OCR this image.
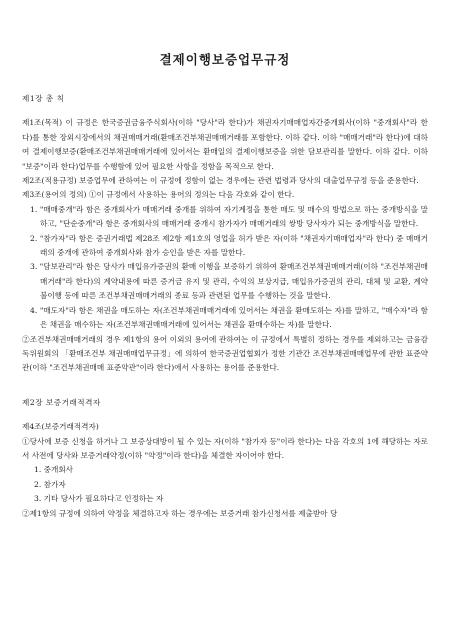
결제이행보증업무규정
제1장 총 칙

제1조(목적) 이 규정은 한국증권금융주식회사(이하 "당사"라 한다)가 채권자기매매업자간중개회사(이하 "중개회사"라 한다)를 통한 장외시장에서의 채권매매거래(환매조건부채권매매거래를 포함한다. 이하 같다. 이하 "매매거래"라 한다)에 대하여 결제이행보증(환매조건부채권매매거래에 있어서는 환매일의 결제이행보증을 위한 담보관리를 말한다. 이하 같다. 이하 "보증"이라 한다)업무를 수행함에 있어 필요한 사항을 정함을 목적으로 한다.

제2조(적용규정) 보증업무에 관하여는 이 규정에 정함이 없는 경우에는 관련 법령과 당사의 대출업무규정 등을 준용한다.

제3조(용어의 정의) ①이 규정에서 사용하는 용어의 정의는 다음 각호와 같이 한다.

1. "매매중개"라 함은 중개회사가 매매거래 중개를 위하여 자기계정을 통한 매도 및 매수의 방법으로 하는 중개방식을 말하고, "단순중개"라 함은 중개회사의 매매거래 중개시 참가자가 매매거래의 쌍방 당사자가 되는 중개방식을 말한다.

2. "참가자"라 함은 증권거래법 제28조 제2항 제1호의 영업을 허가 받은 자(이하 "채권자기매매업자"라 한다) 중 매매거래의 중개에 관하여 중개회사와 참가 승인을 받은 자를 말한다.

3. "담보관리"라 함은 당사가 매입유가증권의 환매 이행을 보증하기 위하여 환매조건부채권매매거래(이하 "조건부채권매매거래"라 한다)의 계약내용에 따른 증거금 유지 및 관리, 수익의 보상지급, 매입유가증권의 관리, 대체 및 교환, 계약불이행 등에 따른 조건부채권매매거래의 종료 등과 관련된 업무를 수행하는 것을 말한다.

4. "매도자"라 함은 채권을 매도하는 자(조건부채권매매거래에 있어서는 채권을 환매도하는 자)를 말하고, "매수자"라 함은 채권을 매수하는 자(조건부채권매매거래에 있어서는 채권을 환매수하는 자)를 말한다.

②조건부채권매매거래의 경우 제1항의 용어 이외의 용어에 관하여는 이 규정에서 특별히 정하는 경우를 제외하고는 금융감독위원회의 「환매조건부 채권매매업무규정」에 의하여 한국증권업협회가 정한 기관간 조건부채권매매업무에 관한 표준약관(이하 "조건부채권매매 표준약관"이라 한다)에서 사용하는 용어를 준용한다.

제2장 보증거래적격자

제4조(보증거래적격자)

①당사에 보증 신청을 하거나 그 보증상대방이 될 수 있는 자(이하 "참가자 등"이라 한다)는 다음 각호의 1에 해당하는 자로서 사전에 당사와 보증거래약정(이하 "약정"이라 한다)을 체결한 자이어야 한다.

1. 중개회사

2. 참가자

3. 기타 당사가 필요하다고 인정하는 자

②제1항의 규정에 의하여 약정을 체결하고자 하는 경우에는 보증거래 참가신청서를 제출받아 당
